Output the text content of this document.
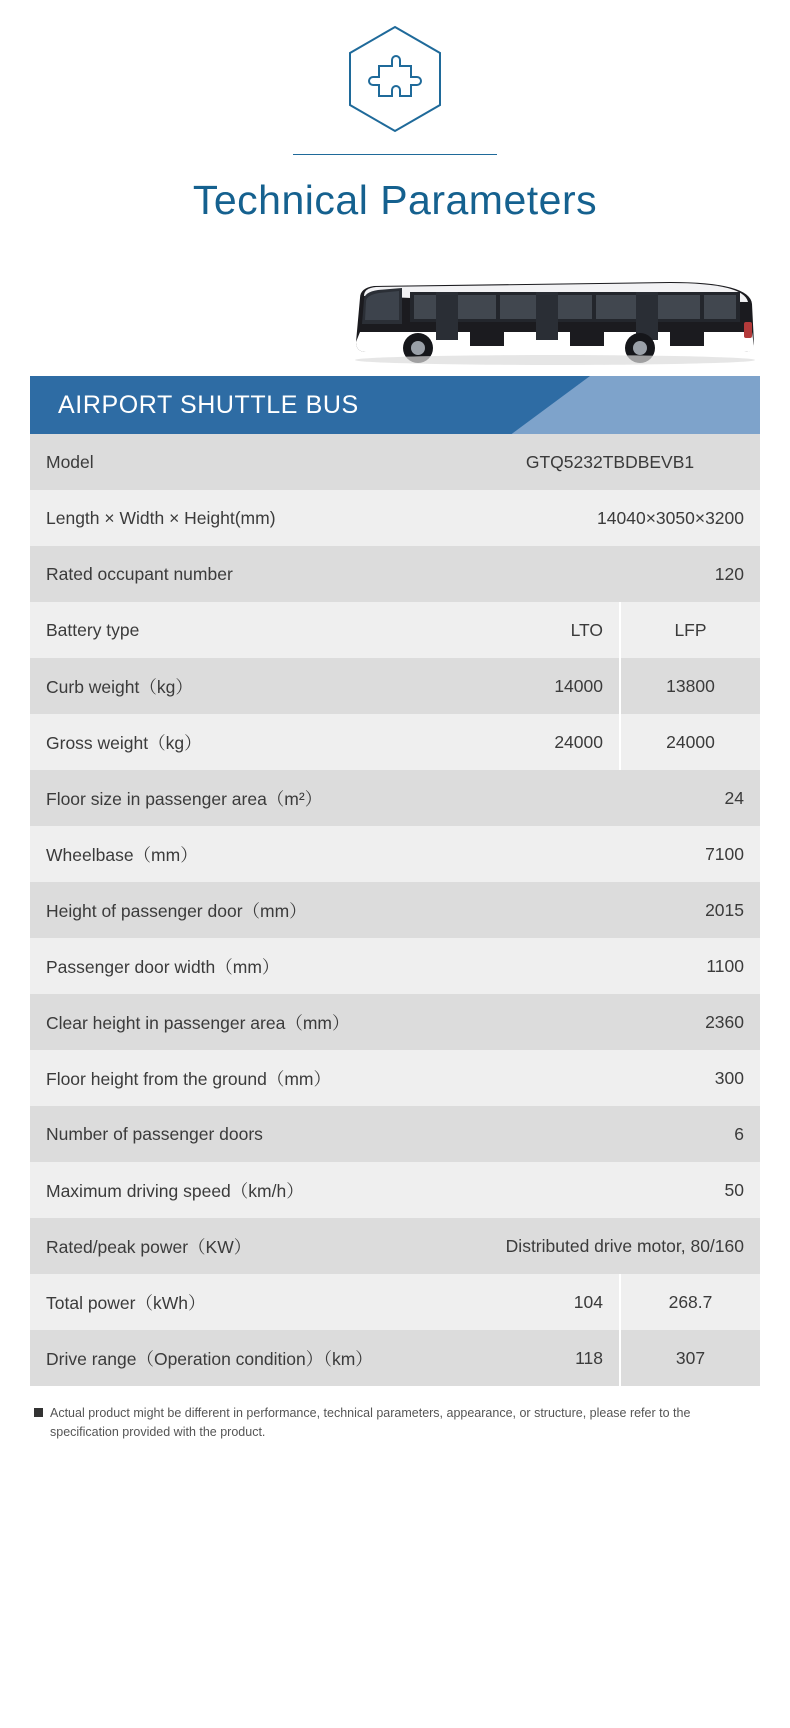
Technical Parameters
AIRPORT SHUTTLE BUS
Model	GTQ5232TBDBEVB1	
Length × Width × Height(mm)	14040×3050×3200	
Rated occupant number	120	
Battery type	LTO	LFP
Curb weight（kg）	14000	13800
Gross weight（kg）	24000	24000
Floor size in passenger area（m²）	24	
Wheelbase（mm）	7100	
Height of passenger door（mm）	2015	
Passenger door width（mm）	1100	
Clear height in passenger area（mm）	2360	
Floor height from the ground（mm）	300	
Number of passenger doors	6	
Maximum driving speed（km/h）	50	
Rated/peak power（KW）	Distributed drive motor, 80/160	
Total power（kWh）	104	268.7
Drive range（Operation condition）（km）	118	307
Actual product might be different in performance, technical parameters, appearance, or structure, please refer to the specification provided with the product.
